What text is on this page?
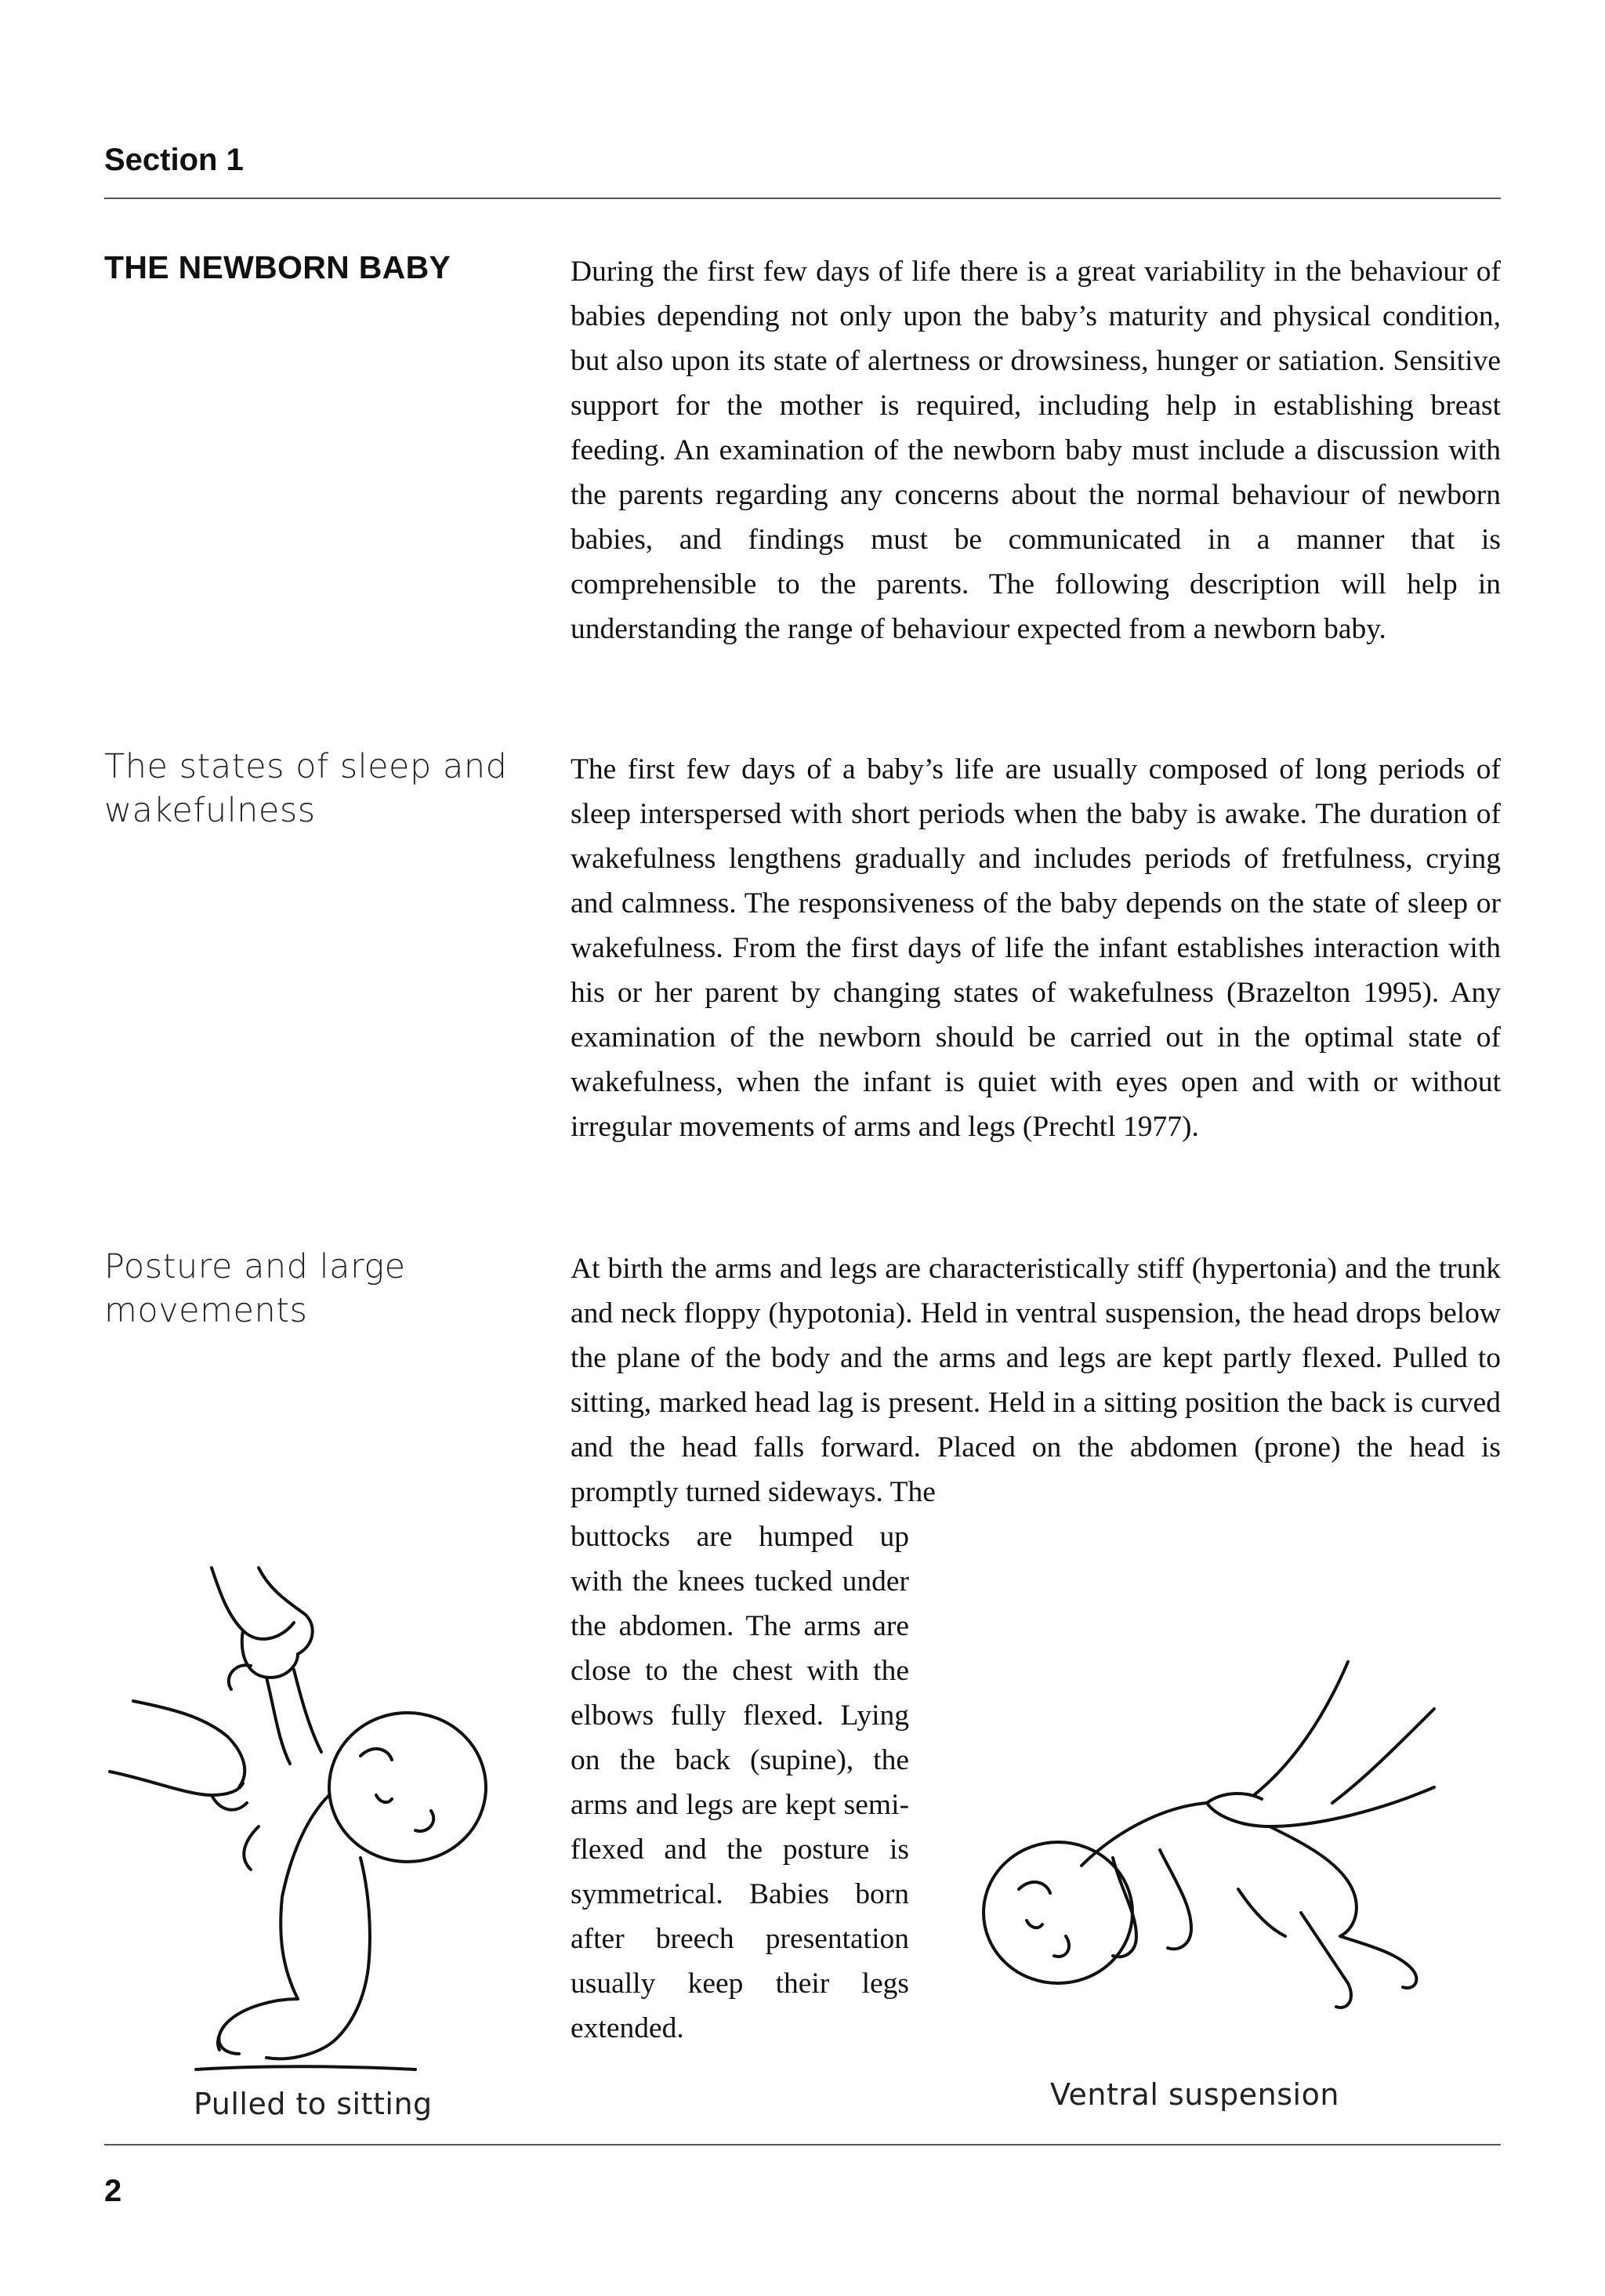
Section 1
THE NEWBORN BABY	During the first few days of life there is a great variability in the behaviour of babies depending not only upon the baby’s maturity and physical condition, but also upon its state of alertness or drowsiness, hunger or satiation. Sensitive support for the mother is required, including help in establishing breast feeding. An examination of the newborn baby must include a discussion with the parents regarding any concerns about the normal behaviour of newborn babies, and findings must be communicated in a manner that is comprehensible to the parents. The following description will help in understanding the range of behaviour expected from a newborn baby.

The states of sleep and wakefulness

The first few days of a baby’s life are usually composed of long periods of sleep interspersed with short periods when the baby is awake. The duration of wakefulness lengthens gradually and includes periods of fretfulness, crying and calmness. The responsiveness of the baby depends on the state of sleep or wakefulness. From the first days of life the infant establishes interaction with his or her parent by changing states of wakefulness (Brazelton 1995). Any examination of the newborn should be carried out in the optimal state of wakefulness, when the infant is quiet with eyes open and with or without irregular movements of arms and legs (Prechtl 1977).

Posture and large movements

At birth the arms and legs are characteristically stiff (hypertonia) and the trunk and neck floppy (hypotonia). Held in ventral suspension, the head drops below the plane of the body and the arms and legs are kept partly flexed. Pulled to sitting, marked head lag is present. Held in a sitting position the back is curved and the head falls forward. Placed on the abdomen (prone) the head is promptly turned sideways. The

buttocks are humped up with the knees tucked under the abdomen. The arms are close to the chest with the elbows fully flexed. Lying on the back (supine), the arms and legs are kept semi-flexed and the posture is symmetrical. Babies born after breech presentation usually keep their legs extended.

Pulled to sitting	Ventral suspension
2
